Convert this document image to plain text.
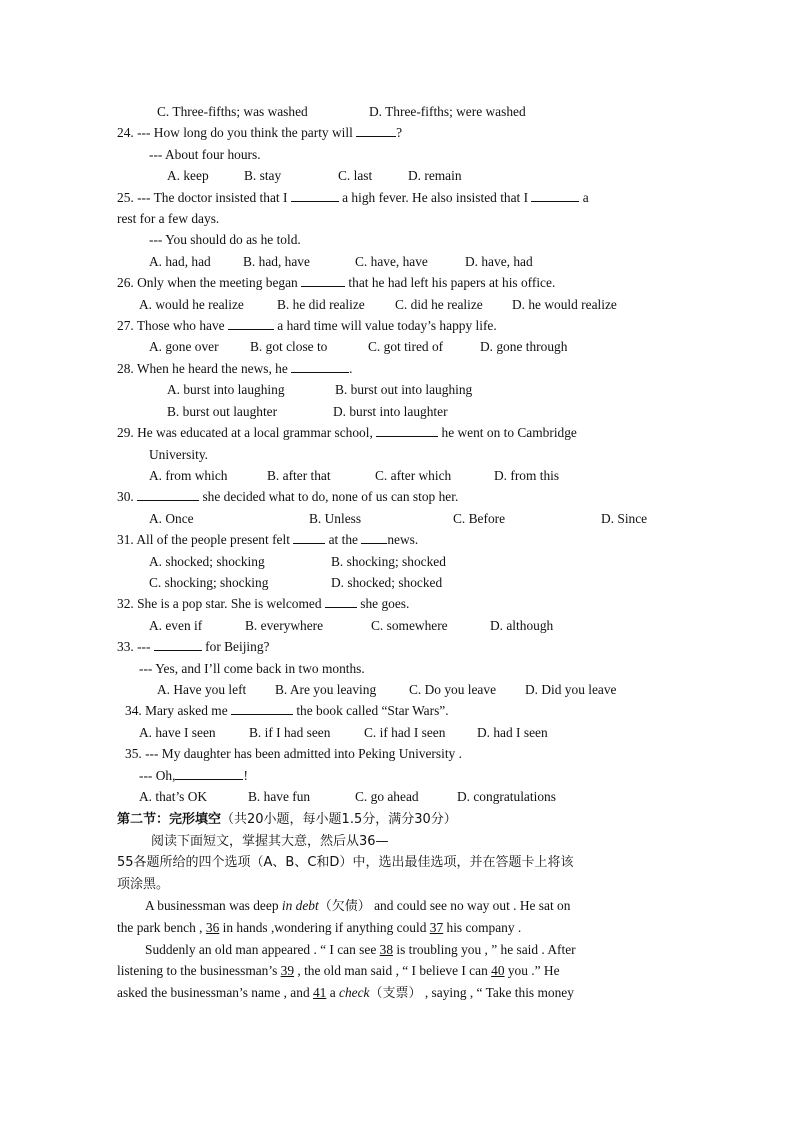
C. Three-fifths; was washed	D. Three-fifths; were washed
24. --- How long do you think the party will	?
--- About four hours.
A. keep	B. stay	C. last	D. remain
25. --- The doctor insisted that I	a high fever. He also insisted that I	a
rest for a few days.
--- You should do as he told.
A. had, had B. had, have	C. have, have	D. have, had
26. Only when the meeting began	that he had left his papers at his office.
A. would he realize B. he did realize C. did he realize D. he would realize
27. Those who have	a hard time will value today’s happy life.
A. gone over B. got close to	C. got tired of	D. gone through
28. When he heard the news, he	.
A. burst into laughing	B. burst out into laughing
B. burst out laughter	D. burst into laughter
29. He was educated at a local grammar school,	he went on to Cambridge
University.
A. from which	B. after that	C. after which	D. from this
30.	she decided what to do, none of us can stop her.
A. Once	B. Unless	C. Before	D. Since
31. All of the people present felt  at the news.
A. shocked; shocking	B. shocking; shocked
C. shocking; shocking	D. shocked; shocked
32. She is a pop star. She is welcomed  she goes.
A. even if	B. everywhere	C. somewhere	D. although
33. ---	for Beijing?
--- Yes, and I’ll come back in two months.
A. Have you left B. Are you leaving C. Do you leave D. Did you leave
34. Mary asked me	the book called “Star Wars”.
A. have I seen B. if I had seen	C. if had I seen D. had I seen
35. --- My daughter has been admitted into Peking University .
--- Oh,	!
A. that’s OK	B. have fun	C. go ahead	D. congratulations
第二节：完形填空（共20小题，每小题1.5分，满分30分）
阅读下面短文，掌握其大意，然后从36—
55各题所给的四个选项（A、B、C和D）中，选出最佳选项，并在答题卡上将该
项涂黑。
A businessman was deep in debt（欠债） and could see no way out . He sat on
the park bench , 36 in hands ,wondering if anything could 37 his company .
Suddenly an old man appeared . “ I can see 38 is troubling you , ” he said . After
listening to the businessman’s 39 , the old man said , “ I believe I can 40 you .” He
asked the businessman’s name , and 41 a check（支票） , saying , “ Take this money
